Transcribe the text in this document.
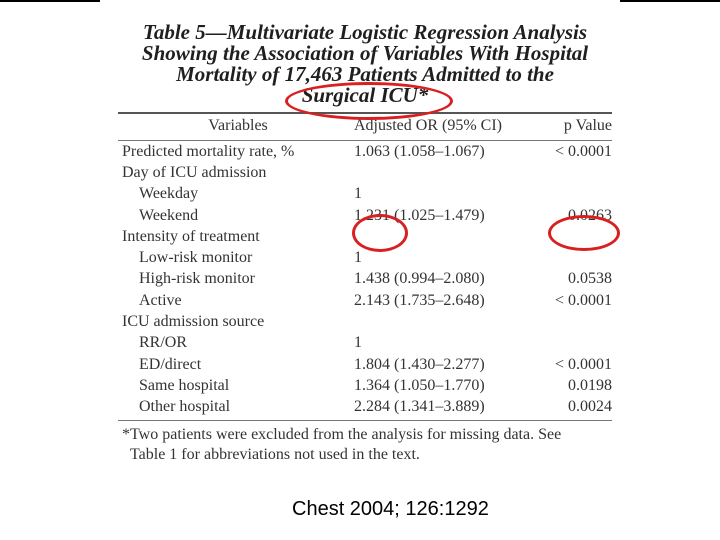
Table 5—Multivariate Logistic Regression Analysis
Showing the Association of Variables With Hospital
Mortality of 17,463 Patients Admitted to the
Surgical ICU*
Variables	Adjusted OR (95% CI)	p Value
Predicted mortality rate, %	1.063 (1.058–1.067)	< 0.0001
Day of ICU admission
Weekday	1
Weekend	1.231 (1.025–1.479)	0.0263
Intensity of treatment
Low-risk monitor	1
High-risk monitor	1.438 (0.994–2.080)	0.0538
Active	2.143 (1.735–2.648)	< 0.0001
ICU admission source
RR/OR	1
ED/direct	1.804 (1.430–2.277)	< 0.0001
Same hospital	1.364 (1.050–1.770)	0.0198
Other hospital	2.284 (1.341–3.889)	0.0024
*Two patients were excluded from the analysis for missing data. See
Table 1 for abbreviations not used in the text.
Chest 2004; 126:1292
